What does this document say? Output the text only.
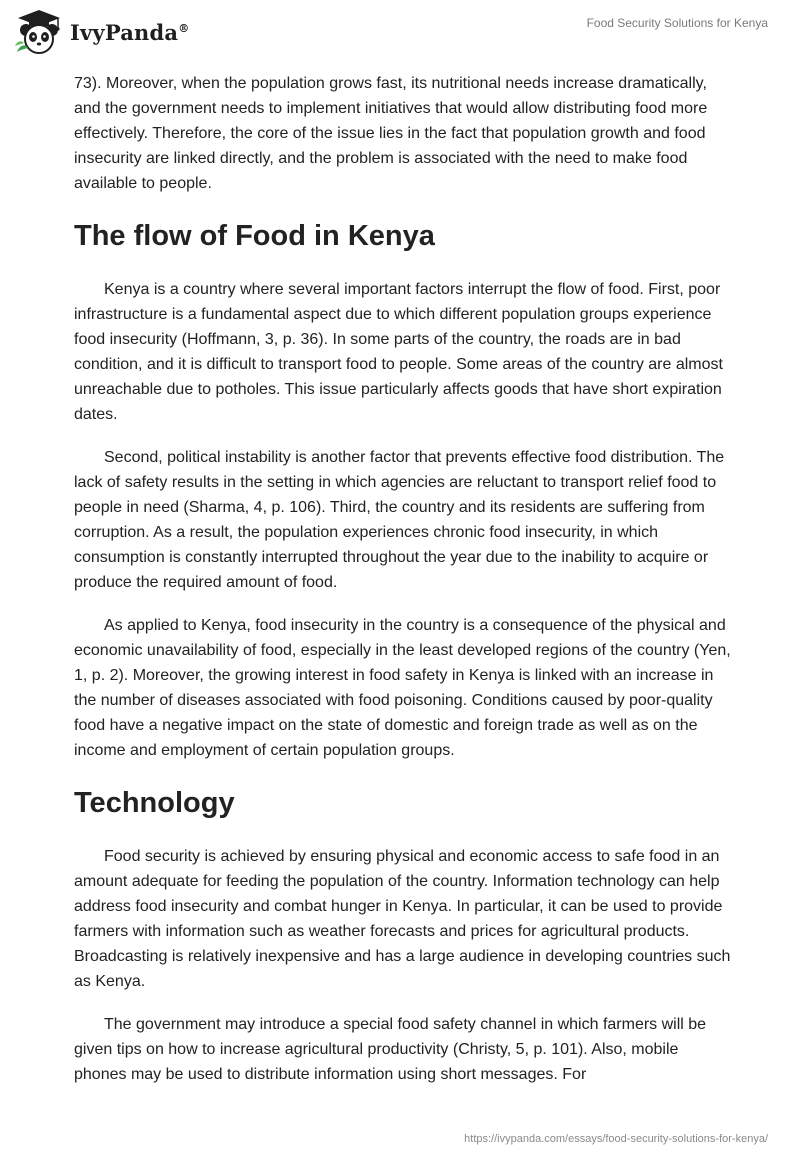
IvyPanda®	Food Security Solutions for Kenya

73). Moreover, when the population grows fast, its nutritional needs increase dramatically, and the government needs to implement initiatives that would allow distributing food more effectively. Therefore, the core of the issue lies in the fact that population growth and food insecurity are linked directly, and the problem is associated with the need to make food available to people.

The flow of Food in Kenya

Kenya is a country where several important factors interrupt the flow of food. First, poor infrastructure is a fundamental aspect due to which different population groups experience food insecurity (Hoffmann, 3, p. 36). In some parts of the country, the roads are in bad condition, and it is difficult to transport food to people. Some areas of the country are almost unreachable due to potholes. This issue particularly affects goods that have short expiration dates.

Second, political instability is another factor that prevents effective food distribution. The lack of safety results in the setting in which agencies are reluctant to transport relief food to people in need (Sharma, 4, p. 106). Third, the country and its residents are suffering from corruption. As a result, the population experiences chronic food insecurity, in which consumption is constantly interrupted throughout the year due to the inability to acquire or produce the required amount of food.

As applied to Kenya, food insecurity in the country is a consequence of the physical and economic unavailability of food, especially in the least developed regions of the country (Yen, 1, p. 2). Moreover, the growing interest in food safety in Kenya is linked with an increase in the number of diseases associated with food poisoning. Conditions caused by poor-quality food have a negative impact on the state of domestic and foreign trade as well as on the income and employment of certain population groups.

Technology

Food security is achieved by ensuring physical and economic access to safe food in an amount adequate for feeding the population of the country. Information technology can help address food insecurity and combat hunger in Kenya. In particular, it can be used to provide farmers with information such as weather forecasts and prices for agricultural products. Broadcasting is relatively inexpensive and has a large audience in developing countries such as Kenya.

The government may introduce a special food safety channel in which farmers will be given tips on how to increase agricultural productivity (Christy, 5, p. 101). Also, mobile phones may be used to distribute information using short messages. For

https://ivypanda.com/essays/food-security-solutions-for-kenya/
